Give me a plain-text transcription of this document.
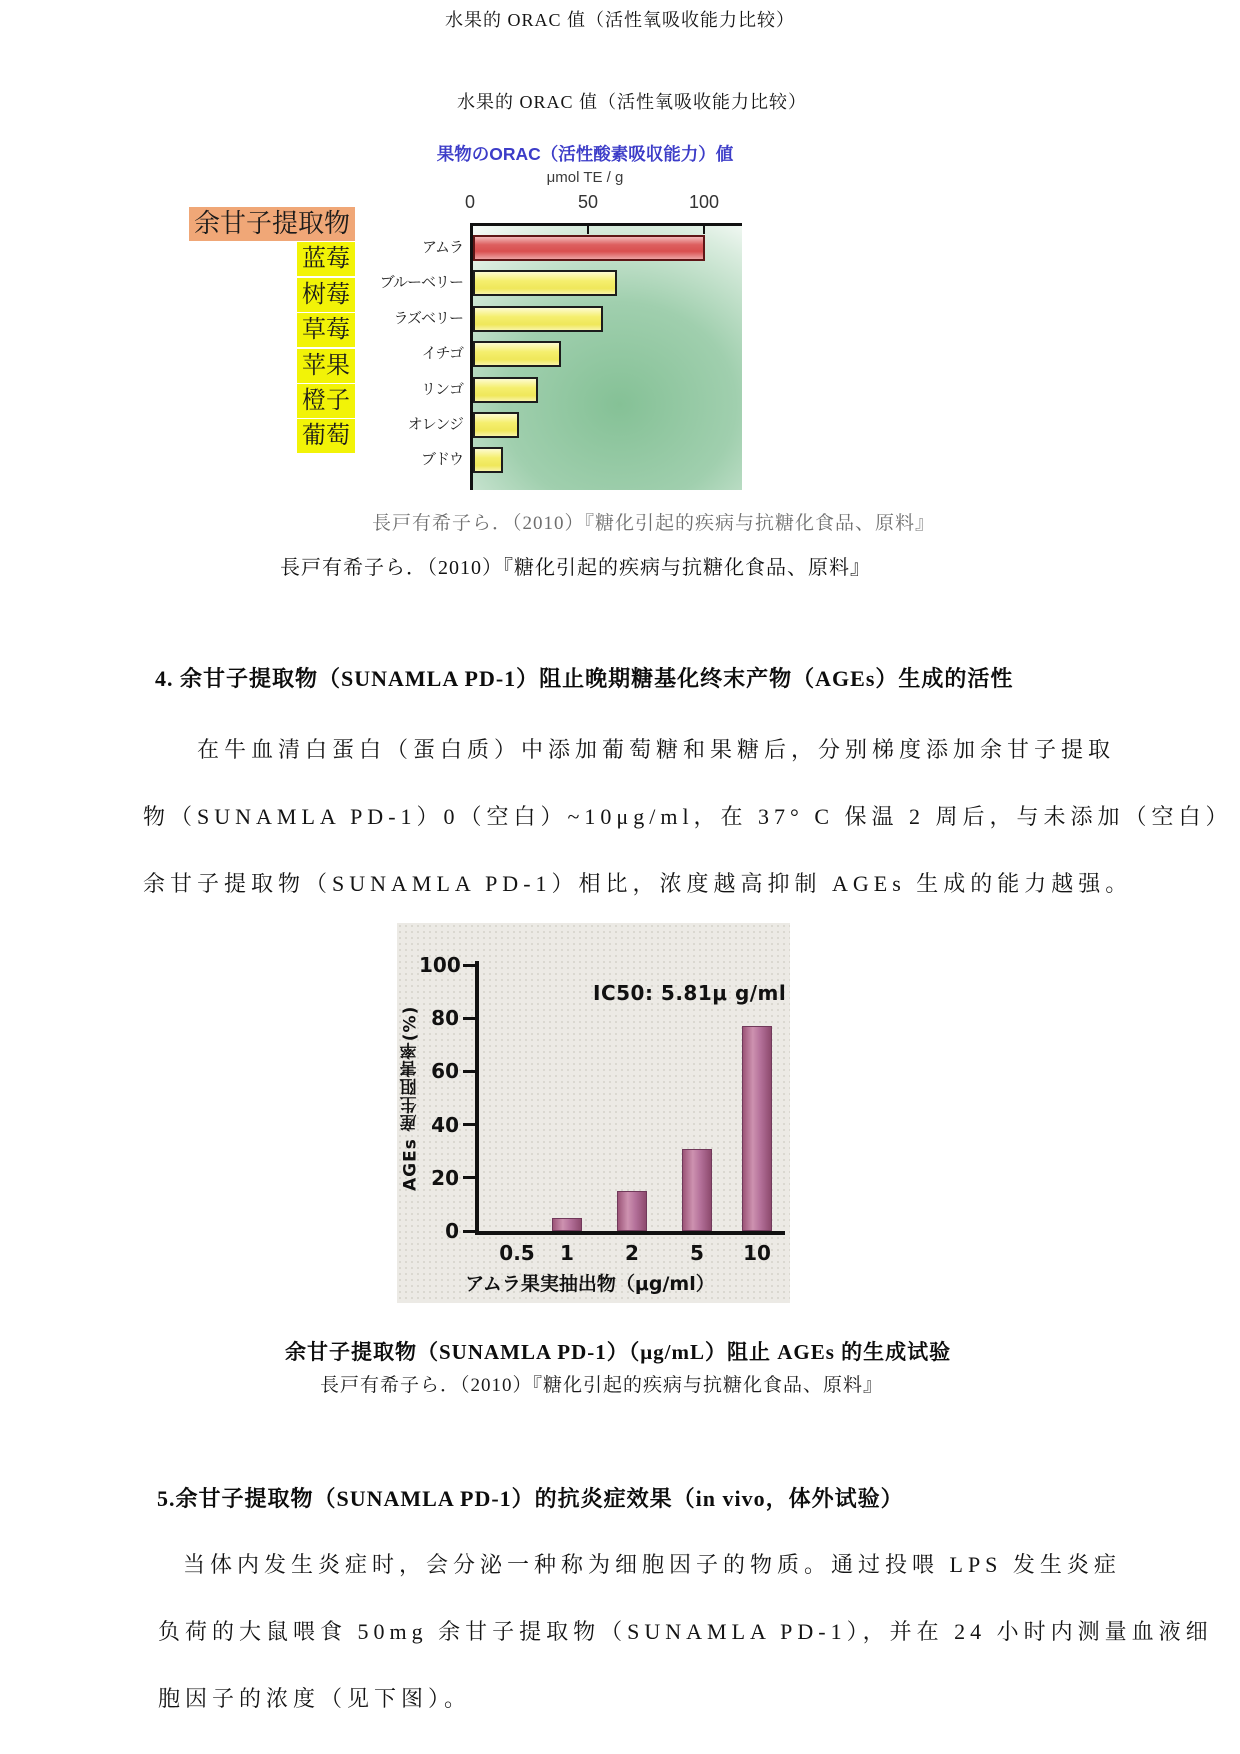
水果的 ORAC 值（活性氧吸收能力比较）
水果的 ORAC 值（活性氧吸收能力比较）
果物のORAC（活性酸素吸収能力）値
μmol TE / g
0	50	100
余甘子提取物
アムラ
蓝莓
ブルーベリー
树莓
ラズベリー
草莓
イチゴ
苹果
リンゴ
橙子
オレンジ
葡萄
ブドウ
長戸有希子ら．（2010）『糖化引起的疾病与抗糖化食品、原料』
長戸有希子ら．（2010）『糖化引起的疾病与抗糖化食品、原料』
4. 余甘子提取物（SUNAMLA PD-1）阻止晚期糖基化终末产物（AGEs）生成的活性
在牛血清白蛋白（蛋白质）中添加葡萄糖和果糖后，分别梯度添加余甘子提取
物（SUNAMLA PD-1）0（空白）~10μg/ml，在 37° C 保温 2 周后，与未添加（空白）
余甘子提取物（SUNAMLA PD-1）相比，浓度越高抑制 AGEs 生成的能力越强。
AGEs 産生阻害率(%)
IC50: 5.81μ g/ml
アムラ果実抽出物（μg/ml）
100
80
60
40
20
0
0.5	1	2	5	10
余甘子提取物（SUNAMLA PD-1）（μg/mL）阻止 AGEs 的生成试验
長戸有希子ら．（2010）『糖化引起的疾病与抗糖化食品、原料』
5.余甘子提取物（SUNAMLA PD-1）的抗炎症效果（in vivo，体外试验）
当体内发生炎症时，会分泌一种称为细胞因子的物质。通过投喂 LPS 发生炎症
负荷的大鼠喂食 50mg 余甘子提取物（SUNAMLA PD-1），并在 24 小时内测量血液细
胞因子的浓度（见下图）。
